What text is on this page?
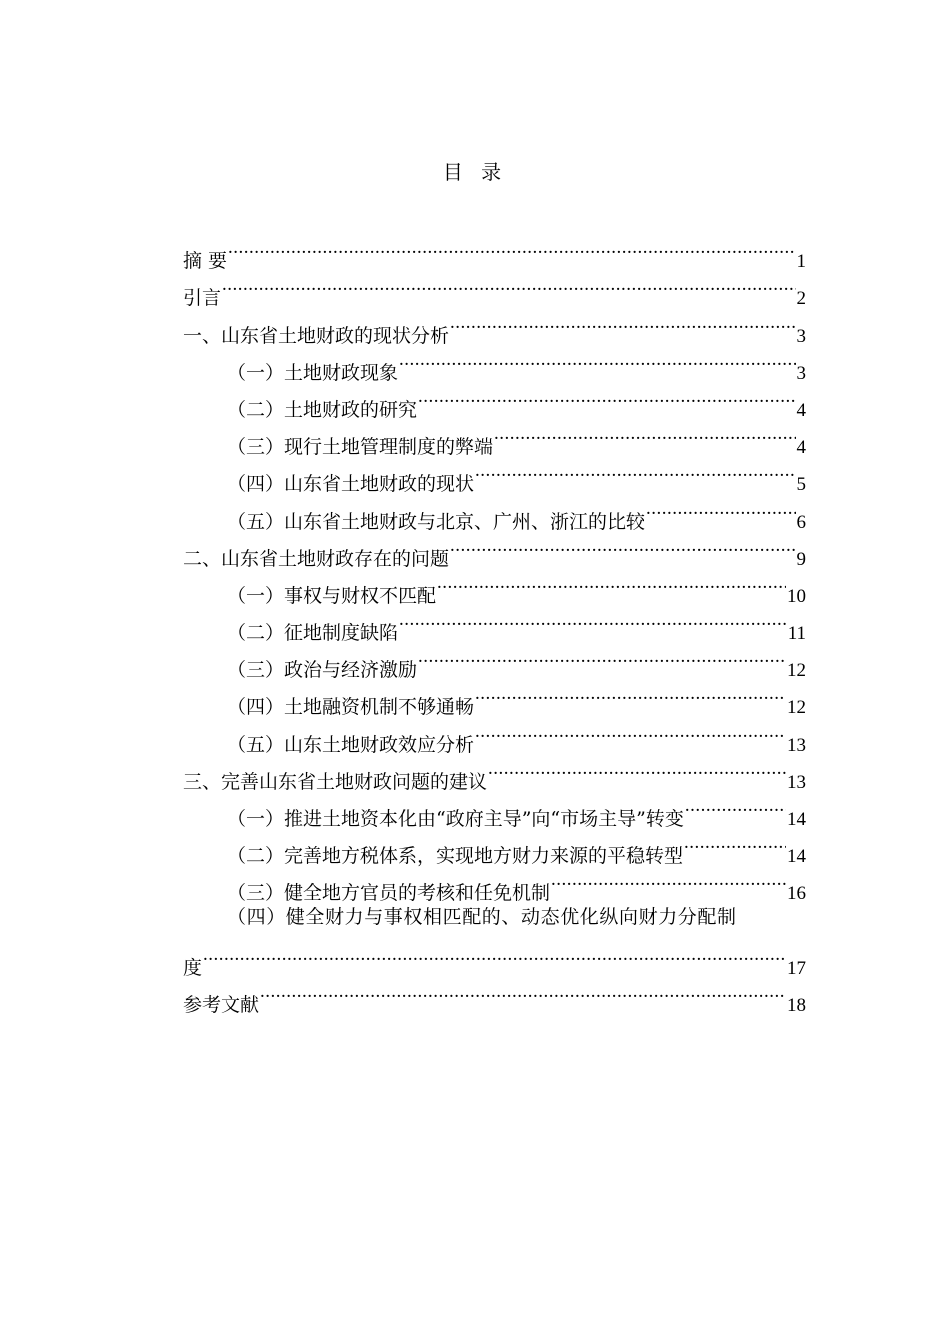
目 录
摘 要 .....	1
引言 .....	2
一、山东省土地财政的现状分析 .....	3
（一）土地财政现象 .....	3
（二）土地财政的研究 .....	4
（三）现行土地管理制度的弊端 .....	4
（四）山东省土地财政的现状 .....	5
（五）山东省土地财政与北京、广州、浙江的比较 .....	6
二、山东省土地财政存在的问题 .....	9
（一）事权与财权不匹配 .....	10
（二）征地制度缺陷 .....	11
（三）政治与经济激励 .....	12
（四）土地融资机制不够通畅 .....	12
（五）山东土地财政效应分析 .....	13
三、完善山东省土地财政问题的建议 .....	13
（一）推进土地资本化由“政府主导”向“市场主导”转变 .....	14
（二）完善地方税体系，实现地方财力来源的平稳转型 .....	14
（三）健全地方官员的考核和任免机制 .....	16
（四）健全财力与事权相匹配的、动态优化纵向财力分配制
度 .....	17
参考文献 .....	18
